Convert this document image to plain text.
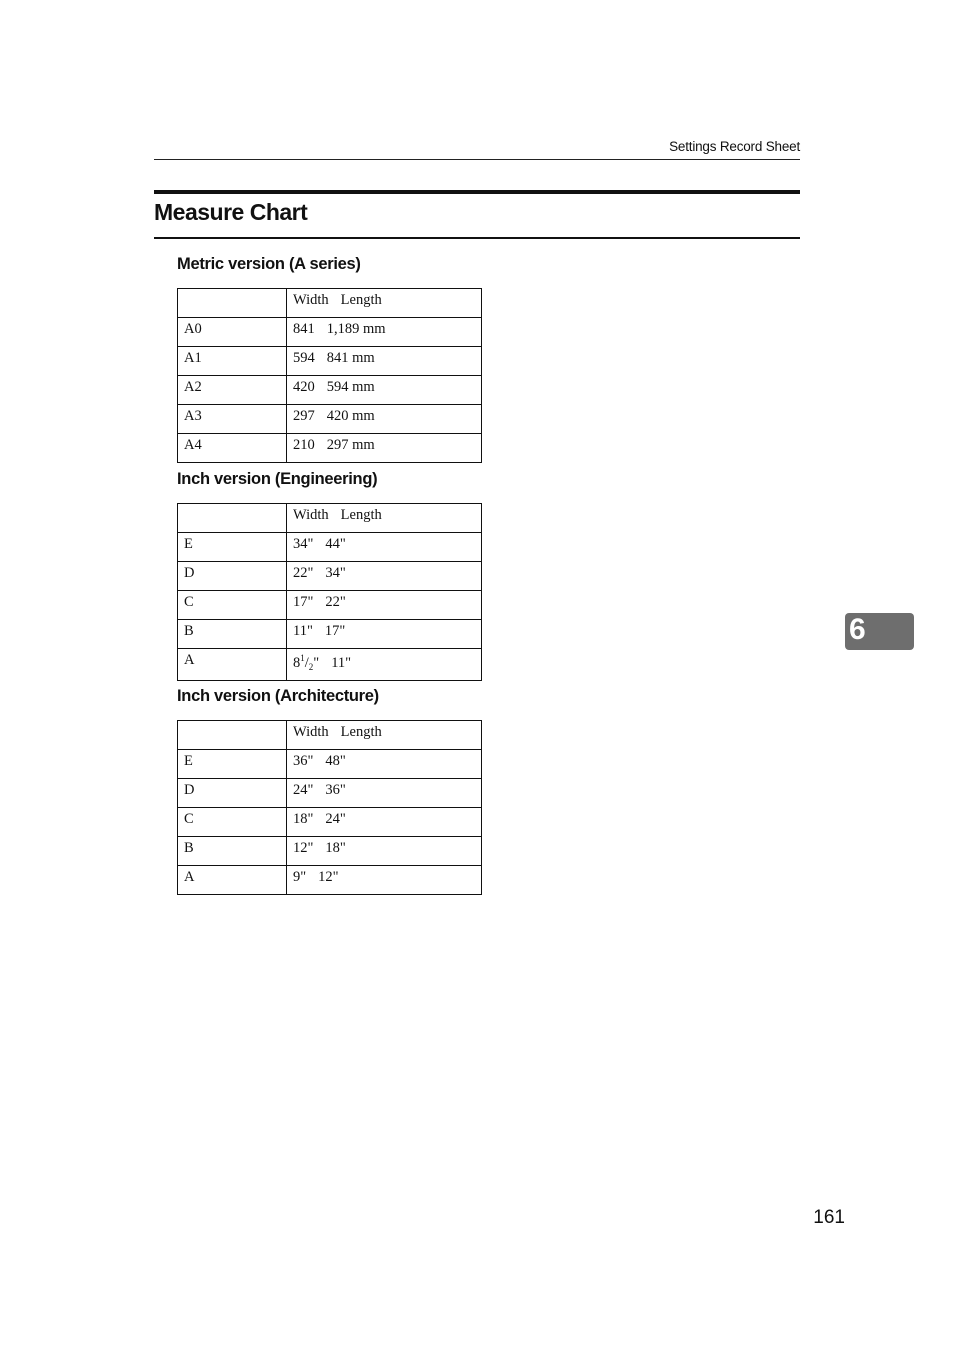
Settings Record Sheet
Measure Chart
Metric version (A series)
	Width Length
A0	841 1,189 mm
A1	594 841 mm
A2	420 594 mm
A3	297 420 mm
A4	210 297 mm
Inch version (Engineering)
	Width Length
E	34" 44"
D	22" 34"
C	17" 22"
B	11" 17"
A	$8^1/_2$" 11"
Inch version (Architecture)
	Width Length
E	36" 48"
D	24" 36"
C	18" 24"
B	12" 18"
A	9" 12"
6
161
